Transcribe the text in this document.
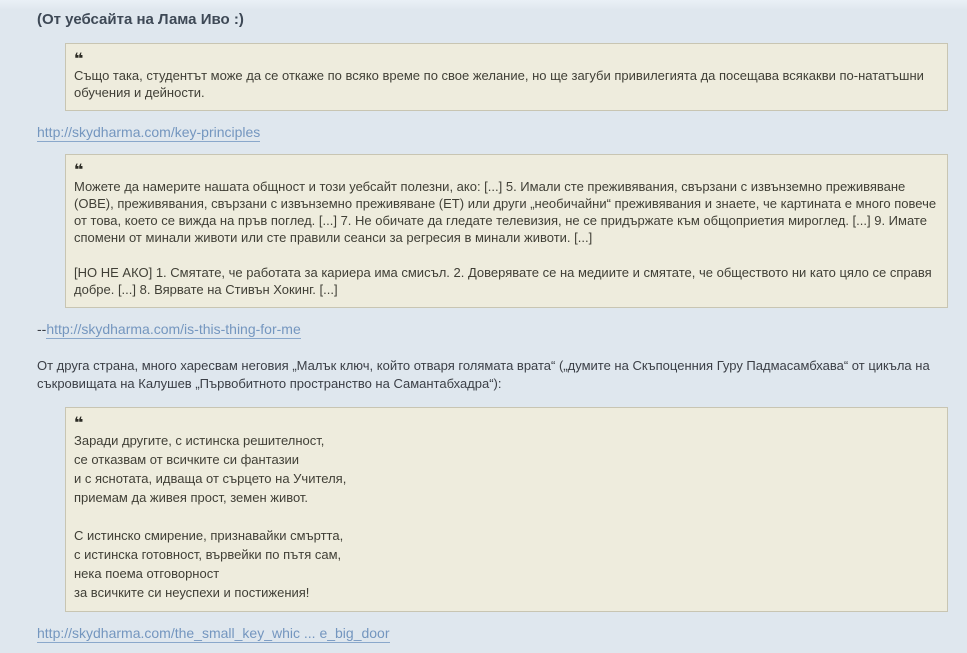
(От уебсайта на Лама Иво :)
❝

Също така, студентът може да се откаже по всяко време по свое желание, но ще загуби привилегията да посещава всякакви по-нататъшни обучения и дейности.

http://skydharma.com/key-principles
❝

Можете да намерите нашата общност и този уебсайт полезни, ако: [...] 5. Имали сте преживявания, свързани с извънземно преживяване (OBE), преживявания, свързани с извънземно преживяване (ET) или други „необичайни“ преживявания и знаете, че картината е много повече от това, което се вижда на пръв поглед. [...] 7. Не обичате да гледате телевизия, не се придържате към общоприетия мироглед. [...] 9. Имате спомени от минали животи или сте правили сеанси за регресия в минали животи. [...]

[НО НЕ АКО] 1. Смятате, че работата за кариера има смисъл. 2. Доверявате се на медиите и смятате, че обществото ни като цяло се справя добре. [...] 8. Вярвате на Стивън Хокинг. [...]

--http://skydharma.com/is-this-thing-for-me

От друга страна, много харесвам неговия „Малък ключ, който отваря голямата врата“ („думите на Скъпоценния Гуру Падмасамбхава“ от цикъла на съкровищата на Калушев „Първобитното пространство на Самантабхадра“):

❝
Заради другите, с истинска решителност,
се отказвам от всичките си фантазии
и с яснотата, идваща от сърцето на Учителя,
приемам да живея прост, земен живот.
С истинско смирение, признавайки смъртта,
с истинска готовност, вървейки по пътя сам,
нека поема отговорност
за всичките си неуспехи и постижения!
http://skydharma.com/the_small_key_whic ... e_big_door
